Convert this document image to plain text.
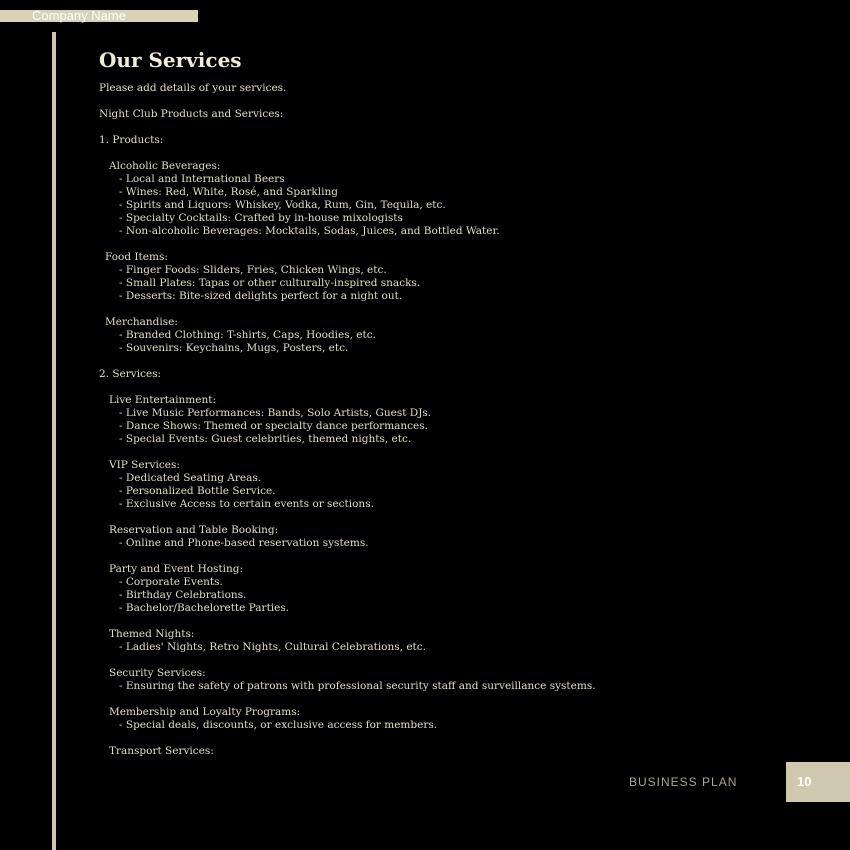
Company Name
Our Services
Please add details of your services.
Night Club Products and Services:
1. Products:
Alcoholic Beverages:
- Local and International Beers
- Wines: Red, White, Rosé, and Sparkling
- Spirits and Liquors: Whiskey, Vodka, Rum, Gin, Tequila, etc.
- Specialty Cocktails: Crafted by in-house mixologists
- Non-alcoholic Beverages: Mocktails, Sodas, Juices, and Bottled Water.
Food Items:
- Finger Foods: Sliders, Fries, Chicken Wings, etc.
- Small Plates: Tapas or other culturally-inspired snacks.
- Desserts: Bite-sized delights perfect for a night out.
Merchandise:
- Branded Clothing: T-shirts, Caps, Hoodies, etc.
- Souvenirs: Keychains, Mugs, Posters, etc.
2. Services:
Live Entertainment:
- Live Music Performances: Bands, Solo Artists, Guest DJs.
- Dance Shows: Themed or specialty dance performances.
- Special Events: Guest celebrities, themed nights, etc.
VIP Services:
- Dedicated Seating Areas.
- Personalized Bottle Service.
- Exclusive Access to certain events or sections.
Reservation and Table Booking:
- Online and Phone-based reservation systems.
Party and Event Hosting:
- Corporate Events.
- Birthday Celebrations.
- Bachelor/Bachelorette Parties.
Themed Nights:
- Ladies' Nights, Retro Nights, Cultural Celebrations, etc.
Security Services:
- Ensuring the safety of patrons with professional security staff and surveillance systems.
Membership and Loyalty Programs:
- Special deals, discounts, or exclusive access for members.
Transport Services:
BUSINESS PLAN	10
